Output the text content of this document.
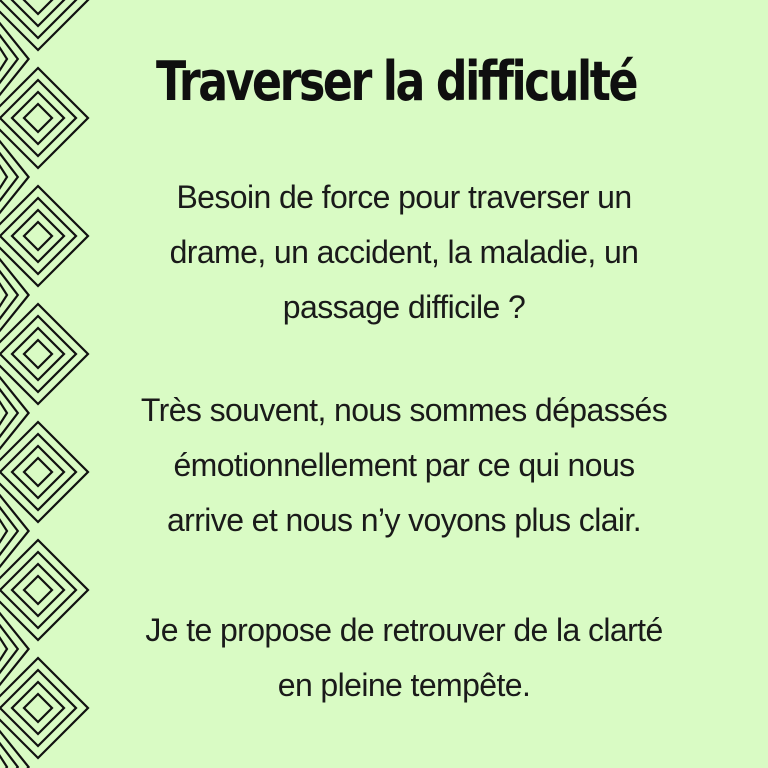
Traverser la difficulté

Besoin de force pour traverser un
drame, un accident, la maladie, un
passage difficile ?

Très souvent, nous sommes dépassés
émotionnellement par ce qui nous
arrive et nous n’y voyons plus clair.

Je te propose de retrouver de la clarté
en pleine tempête.
